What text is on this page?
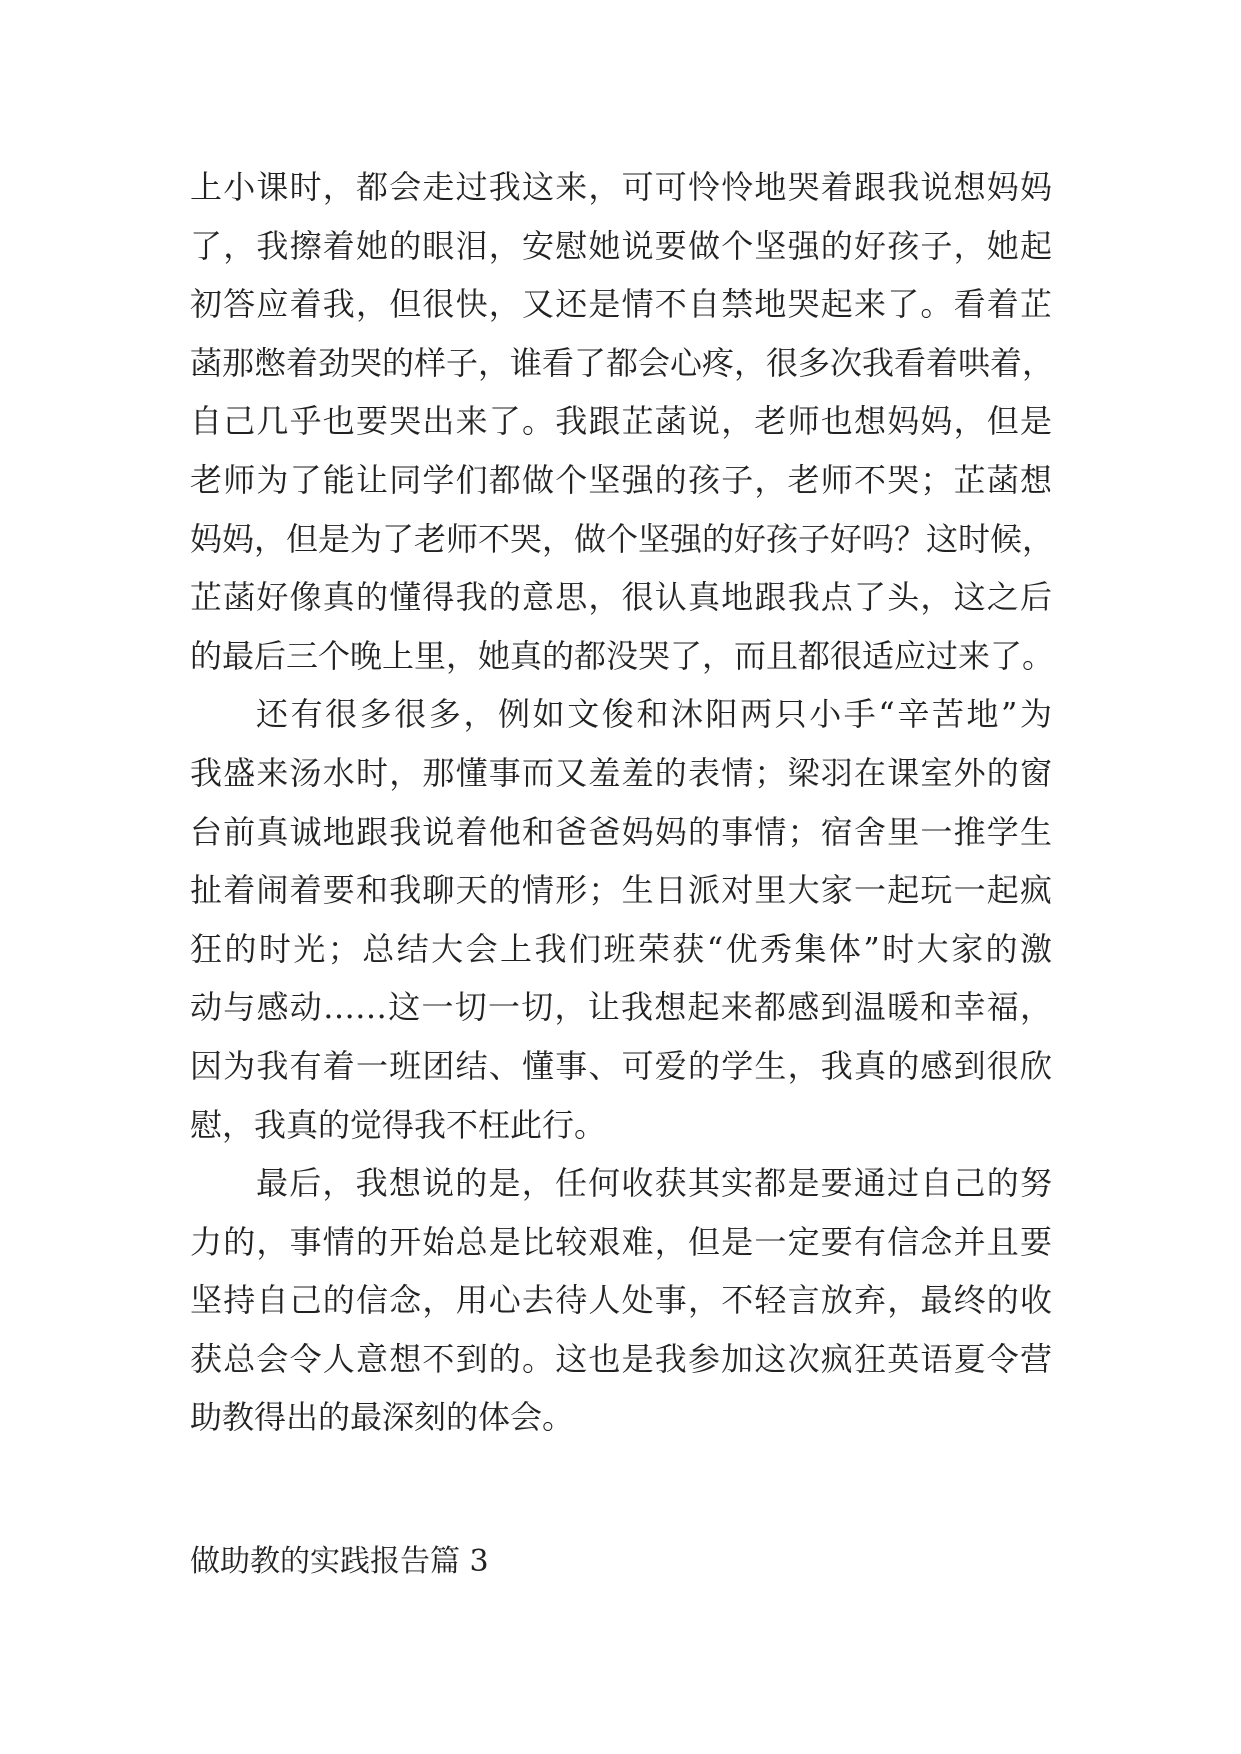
上小课时，都会走过我这来，可可怜怜地哭着跟我说想妈妈
了，我擦着她的眼泪，安慰她说要做个坚强的好孩子，她起
初答应着我，但很快，又还是情不自禁地哭起来了。看着芷
菡那憋着劲哭的样子，谁看了都会心疼，很多次我看着哄着，
自己几乎也要哭出来了。我跟芷菡说，老师也想妈妈，但是
老师为了能让同学们都做个坚强的孩子，老师不哭；芷菡想
妈妈，但是为了老师不哭，做个坚强的好孩子好吗？这时候，
芷菡好像真的懂得我的意思，很认真地跟我点了头，这之后
的最后三个晚上里，她真的都没哭了，而且都很适应过来了。
还有很多很多，例如文俊和沐阳两只小手“辛苦地”为
我盛来汤水时，那懂事而又羞羞的表情；梁羽在课室外的窗
台前真诚地跟我说着他和爸爸妈妈的事情；宿舍里一推学生
扯着闹着要和我聊天的情形；生日派对里大家一起玩一起疯
狂的时光；总结大会上我们班荣获“优秀集体”时大家的激
动与感动……这一切一切，让我想起来都感到温暖和幸福，
因为我有着一班团结、懂事、可爱的学生，我真的感到很欣
慰，我真的觉得我不枉此行。
最后，我想说的是，任何收获其实都是要通过自己的努
力的，事情的开始总是比较艰难，但是一定要有信念并且要
坚持自己的信念，用心去待人处事，不轻言放弃，最终的收
获总会令人意想不到的。这也是我参加这次疯狂英语夏令营
助教得出的最深刻的体会。
做助教的实践报告篇 3
